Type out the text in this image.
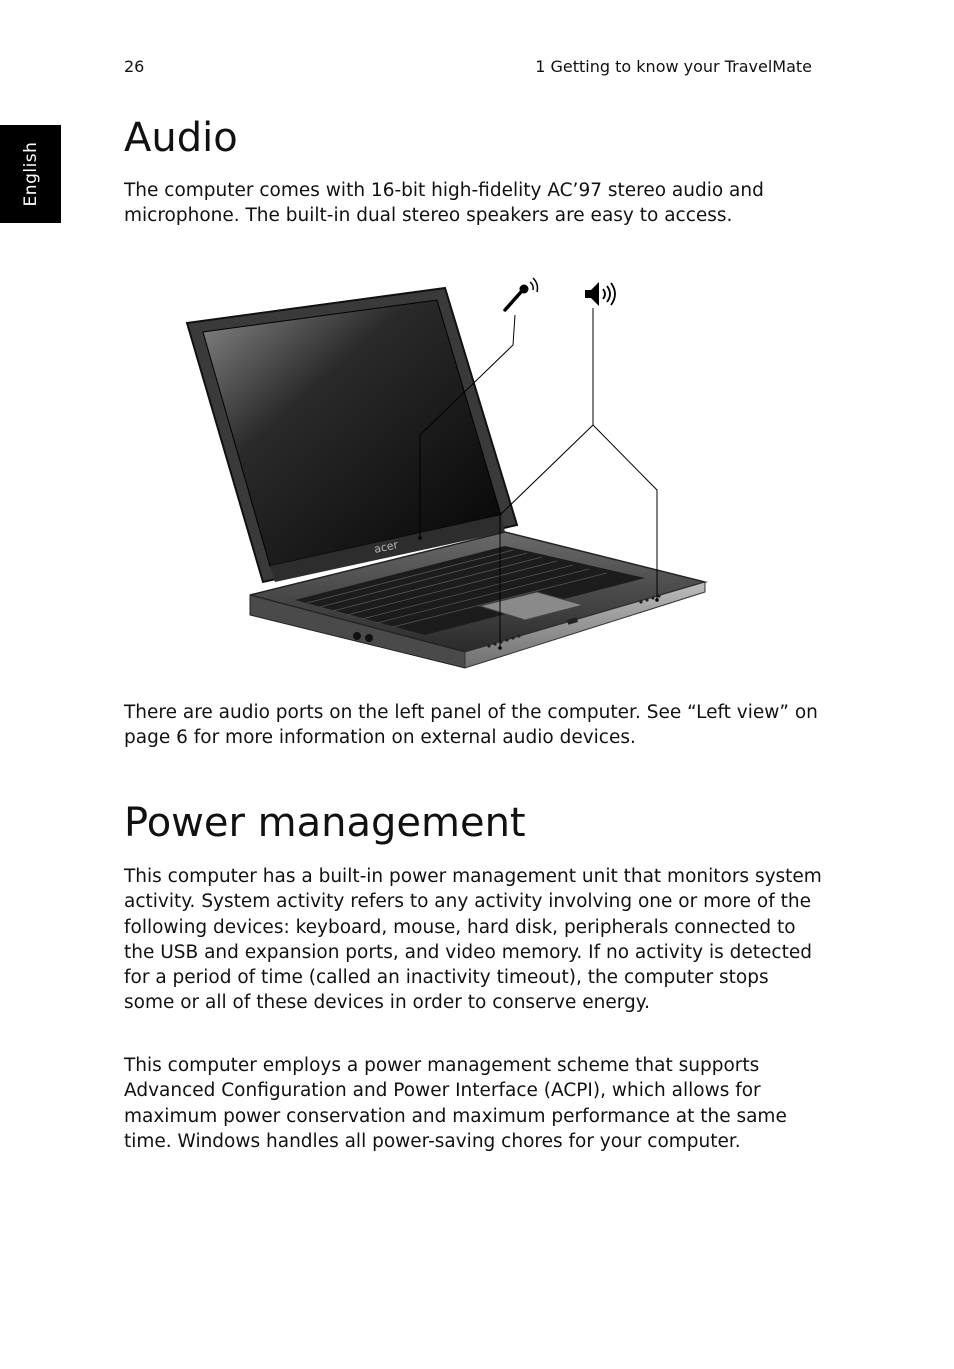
26	1 Getting to know your TravelMate
English
Audio

The computer comes with 16-bit high-fidelity AC’97 stereo audio and microphone. The built-in dual stereo speakers are easy to access.

acer

There are audio ports on the left panel of the computer. See “Left view” on page 6 for more information on external audio devices.

Power management

This computer has a built-in power management unit that monitors system activity. System activity refers to any activity involving one or more of the following devices: keyboard, mouse, hard disk, peripherals connected to the USB and expansion ports, and video memory. If no activity is detected for a period of time (called an inactivity timeout), the computer stops some or all of these devices in order to conserve energy.

This computer employs a power management scheme that supports Advanced Configuration and Power Interface (ACPI), which allows for maximum power conservation and maximum performance at the same time. Windows handles all power-saving chores for your computer.
